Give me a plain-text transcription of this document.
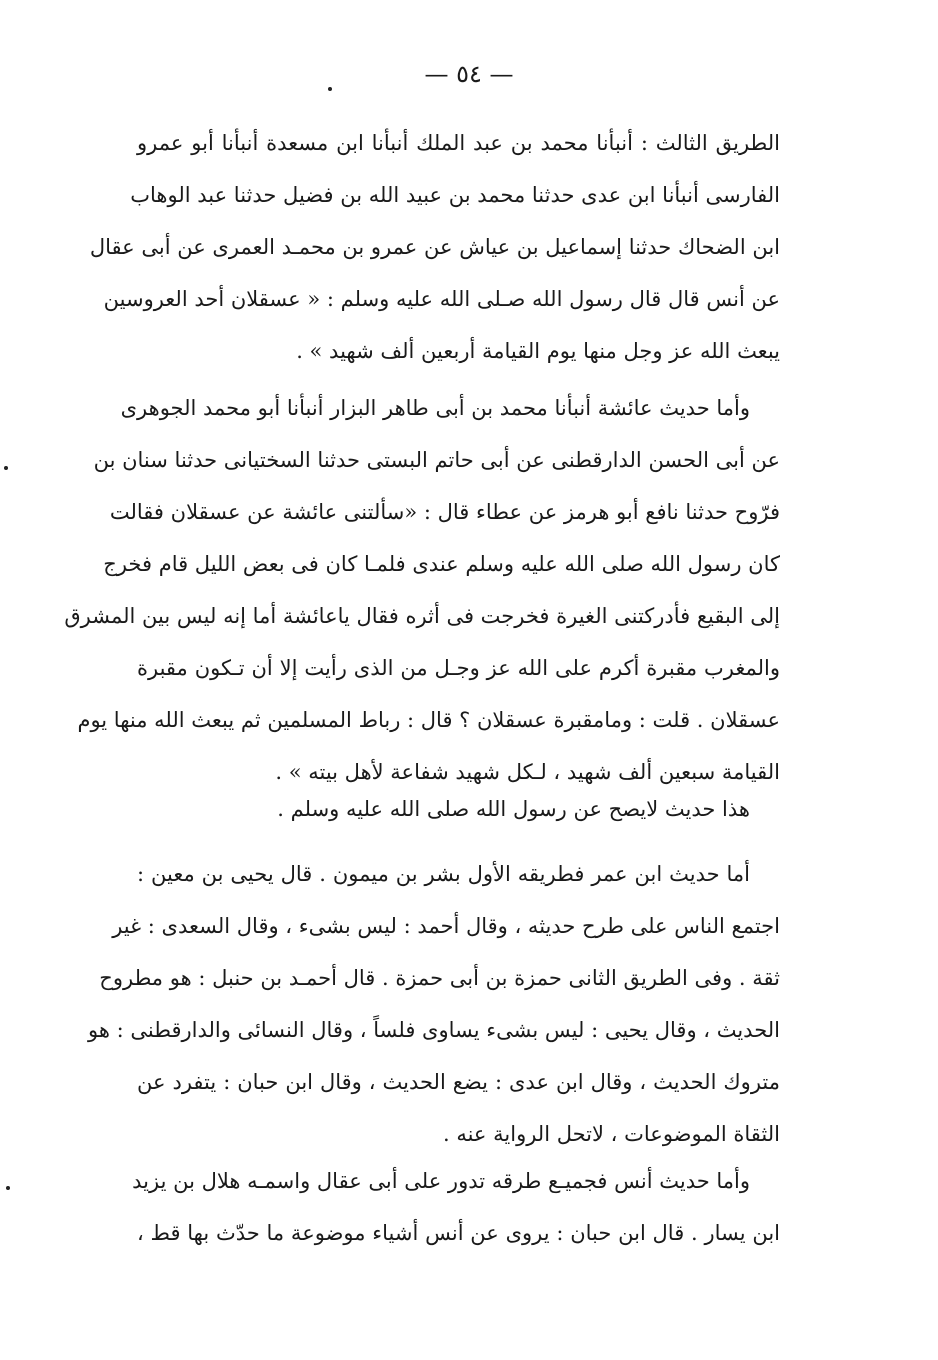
— ٥٤ —
الطريق الثالث : أنبأنا محمد بن عبد الملك أنبأنا ابن مسعدة أنبأنا أبو عمرو
الفارسى أنبأنا ابن عدى حدثنا محمد بن عبيد الله بن فضيل حدثنا عبد الوهاب
ابن الضحاك حدثنا إسماعيل بن عياش عن عمرو بن محمـد العمرى عن أبى عقال
عن أنس قال قال رسول الله صـلى الله عليه وسلم : « عسقلان أحد العروسين
يبعث الله عز وجل منها يوم القيامة أربعين ألف شهيد » .
وأما حديث عائشة أنبأنا محمد بن أبى طاهر البزار أنبأنا أبو محمد الجوهرى
عن أبى الحسن الدارقطنى عن أبى حاتم البستى حدثنا السختيانى حدثنا سنان بن
فرّوح حدثنا نافع أبو هرمز عن عطاء قال : «سألتنى عائشة عن عسقلان فقالت
كان رسول الله صلى الله عليه وسلم عندى فلمـا كان فى بعض الليل قام فخرج
إلى البقيع فأدركتنى الغيرة فخرجت فى أثره فقال ياعائشة أما إنه ليس بين المشرق
والمغرب مقبرة أكرم على الله عز وجـل من الذى رأيت إلا أن تـكون مقبرة
عسقلان . قلت : ومامقبرة عسقلان ؟ قال : رباط المسلمين ثم يبعث الله منها يوم
القيامة سبعين ألف شهيد ، لـكل شهيد شفاعة لأهل بيته » .
هذا حديث لايصح عن رسول الله صلى الله عليه وسلم .
أما حديث ابن عمر فطريقه الأول بشر بن ميمون . قال يحيى بن معين :
اجتمع الناس على طرح حديثه ، وقال أحمد : ليس بشىء ، وقال السعدى : غير
ثقة . وفى الطريق الثانى حمزة بن أبى حمزة . قال أحمـد بن حنبل : هو مطروح
الحديث ، وقال يحيى : ليس بشىء يساوى فلساً ، وقال النسائى والدارقطنى : هو
متروك الحديث ، وقال ابن عدى : يضع الحديث ، وقال ابن حبان : يتفرد عن
الثقاة الموضوعات ، لاتحل الرواية عنه .
وأما حديث أنس فجميـع طرقه تدور على أبى عقال واسمـه هلال بن يزيد
ابن يسار . قال ابن حبان : يروى عن أنس أشياء موضوعة ما حدّث بها قط ،
